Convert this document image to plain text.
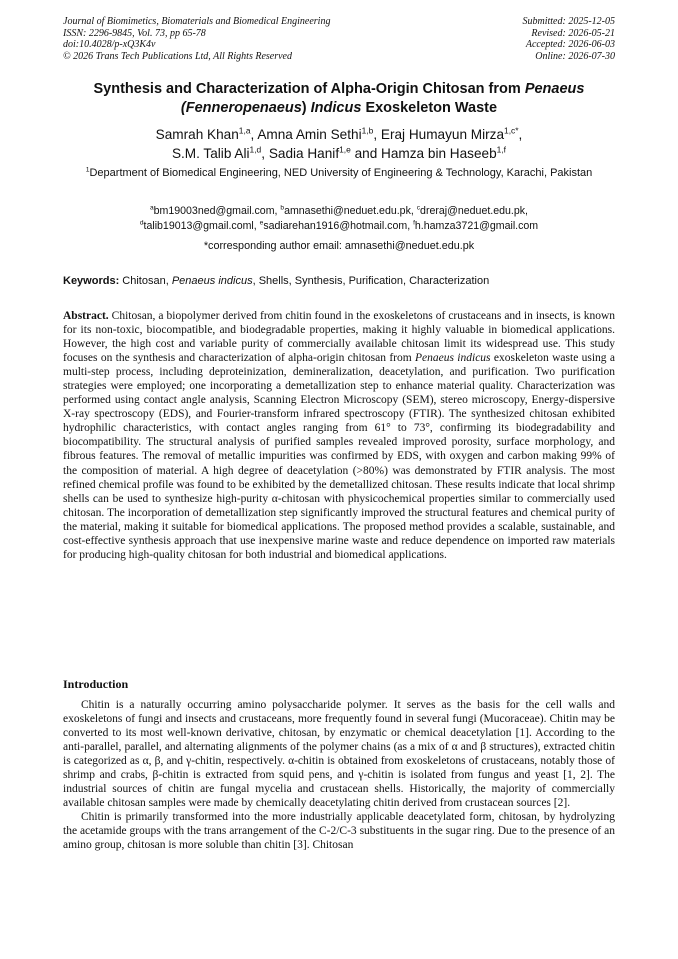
Journal of Biomimetics, Biomaterials and Biomedical Engineering
ISSN: 2296-9845, Vol. 73, pp 65-78
doi:10.4028/p-xQ3K4v
© 2026 Trans Tech Publications Ltd, All Rights Reserved
Submitted: 2025-12-05
Revised: 2026-05-21
Accepted: 2026-06-03
Online: 2026-07-30
Synthesis and Characterization of Alpha-Origin Chitosan from Penaeus
(Fenneropenaeus) Indicus Exoskeleton Waste
Samrah Khan$^{1,a}$, Amna Amin Sethi$^{1,b}$, Eraj Humayun Mirza$^{1,c*}$,
S.M. Talib Ali$^{1,d}$, Sadia Hanif$^{1,e}$ and Hamza bin Haseeb$^{1,f}$
$^1$Department of Biomedical Engineering, NED University of Engineering & Technology, Karachi, Pakistan
$^a$bm19003ned@gmail.com, $^b$amnasethi@neduet.edu.pk, $^c$dreraj@neduet.edu.pk,
$^d$talib19013@gmail.coml, $^e$sadiarehan1916@hotmail.com, $^f$h.hamza3721@gmail.com
*corresponding author email: amnasethi@neduet.edu.pk
Keywords: Chitosan, Penaeus indicus, Shells, Synthesis, Purification, Characterization
Abstract. Chitosan, a biopolymer derived from chitin found in the exoskeletons of crustaceans and in insects, is known for its non-toxic, biocompatible, and biodegradable properties, making it highly valuable in biomedical applications. However, the high cost and variable purity of commercially available chitosan limit its widespread use. This study focuses on the synthesis and characterization of alpha-origin chitosan from Penaeus indicus exoskeleton waste using a multi-step process, including deproteinization, demineralization, deacetylation, and purification. Two purification strategies were employed; one incorporating a demetallization step to enhance material quality. Characterization was performed using contact angle analysis, Scanning Electron Microscopy (SEM), stereo microscopy, Energy-dispersive X-ray spectroscopy (EDS), and Fourier-transform infrared spectroscopy (FTIR). The synthesized chitosan exhibited hydrophilic characteristics, with contact angles ranging from 61° to 73°, confirming its biodegradability and biocompatibility. The structural analysis of purified samples revealed improved porosity, surface morphology, and fibrous features. The removal of metallic impurities was confirmed by EDS, with oxygen and carbon making 99% of the composition of material. A high degree of deacetylation (>80%) was demonstrated by FTIR analysis. The most refined chemical profile was found to be exhibited by the demetallized chitosan. These results indicate that local shrimp shells can be used to synthesize high-purity α-chitosan with physicochemical properties similar to commercially used chitosan. The incorporation of demetallization step significantly improved the structural features and chemical purity of the material, making it suitable for biomedical applications. The proposed method provides a scalable, sustainable, and cost-effective synthesis approach that use inexpensive marine waste and reduce dependence on imported raw materials for producing high-quality chitosan for both industrial and biomedical applications.
Introduction

Chitin is a naturally occurring amino polysaccharide polymer. It serves as the basis for the cell walls and exoskeletons of fungi and insects and crustaceans, more frequently found in several fungi (Mucoraceae). Chitin may be converted to its most well-known derivative, chitosan, by enzymatic or chemical deacetylation [1]. According to the anti-parallel, parallel, and alternating alignments of the polymer chains (as a mix of α and β structures), extracted chitin is categorized as α, β, and γ-chitin, respectively. α-chitin is obtained from exoskeletons of crustaceans, notably those of shrimp and crabs, β-chitin is extracted from squid pens, and γ-chitin is isolated from fungus and yeast [1, 2]. The industrial sources of chitin are fungal mycelia and crustacean shells. Historically, the majority of commercially available chitosan samples were made by chemically deacetylating chitin derived from crustacean sources [2].

Chitin is primarily transformed into the more industrially applicable deacetylated form, chitosan, by hydrolyzing the acetamide groups with the trans arrangement of the C-2/C-3 substituents in the sugar ring. Due to the presence of an amino group, chitosan is more soluble than chitin [3]. Chitosan
